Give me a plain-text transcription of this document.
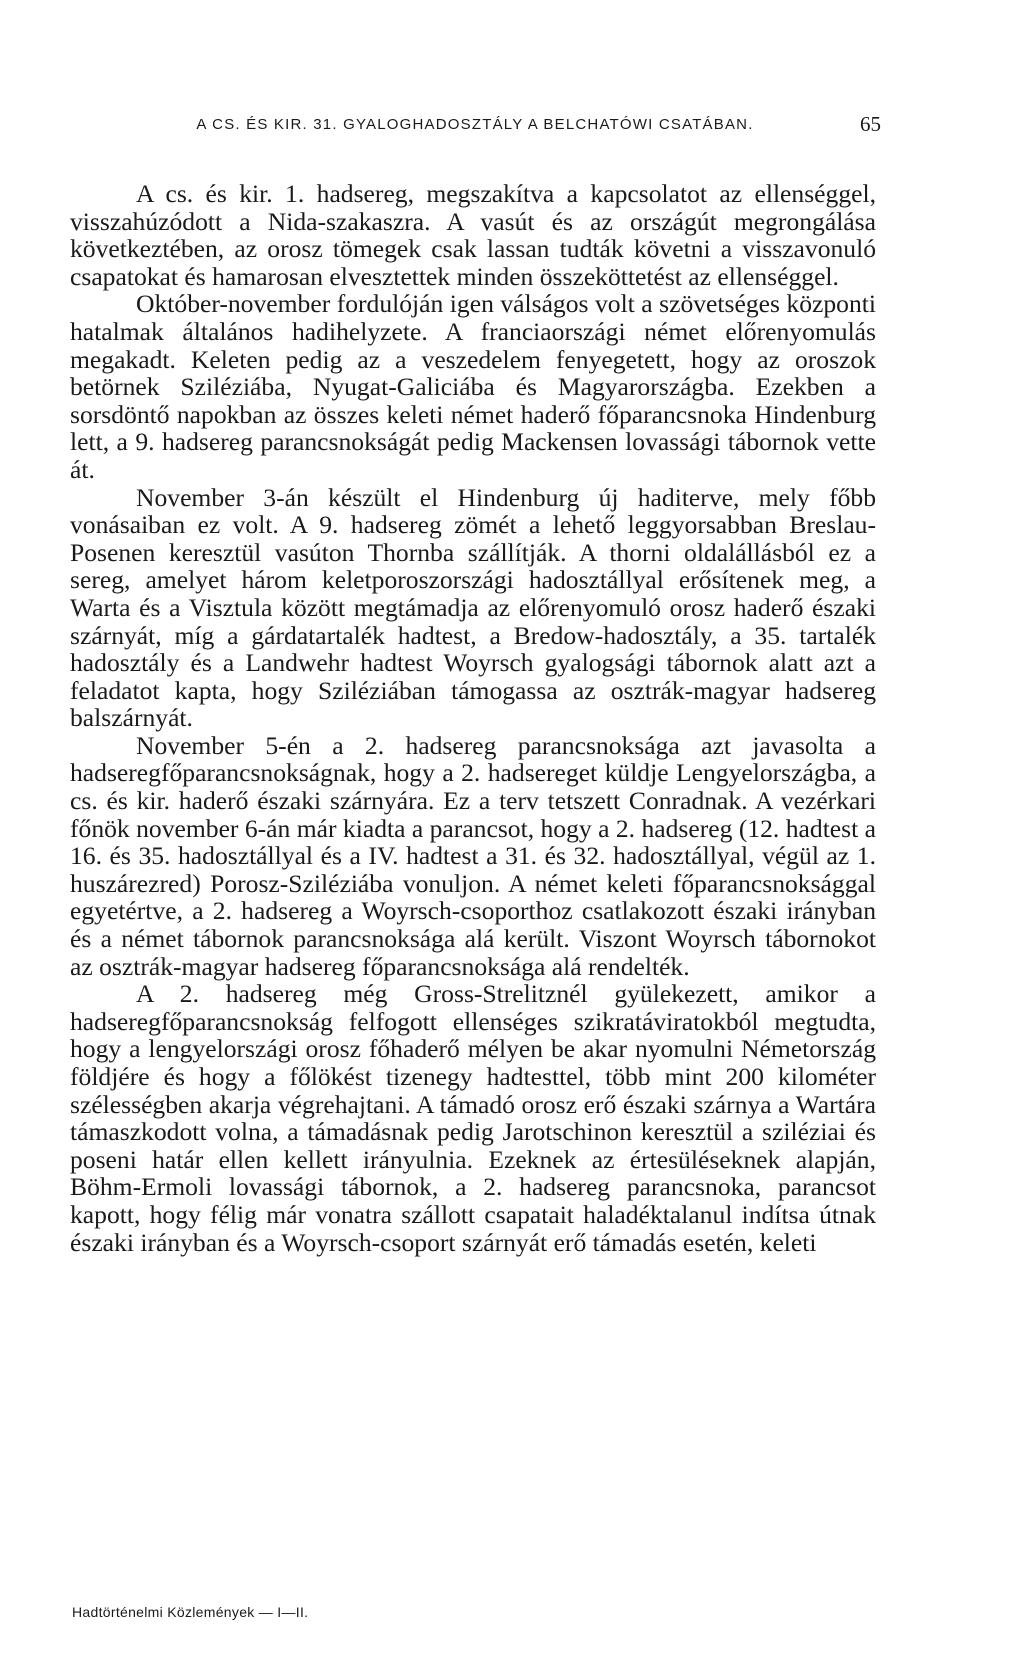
A CS. ÉS KIR. 31. GYALOGHADOSZTÁLY A BELCHATÓWI CSATÁBAN.	65

A cs. és kir. 1. hadsereg, megszakítva a kapcsolatot az ellenséggel, visszahúzódott a Nida-szakaszra. A vasút és az országút megrongálása következtében, az orosz tömegek csak lassan tudták követni a visszavonuló csapatokat és hamarosan elvesztettek minden összeköttetést az ellenséggel.

Október-november fordulóján igen válságos volt a szövetséges központi hatalmak általános hadihelyzete. A franciaországi német előrenyomulás megakadt. Keleten pedig az a veszedelem fenyegetett, hogy az oroszok betörnek Sziléziába, Nyugat-Galiciába és Magyarországba. Ezekben a sorsdöntő napokban az összes keleti német haderő főparancsnoka Hindenburg lett, a 9. hadsereg parancsnokságát pedig Mackensen lovassági tábornok vette át.

November 3-án készült el Hindenburg új haditerve, mely főbb vonásaiban ez volt. A 9. hadsereg zömét a lehető leggyorsabban Breslau-Posenen keresztül vasúton Thornba szállítják. A thorni oldalállásból ez a sereg, amelyet három keletporoszországi hadosztállyal erősítenek meg, a Warta és a Visztula között megtámadja az előrenyomuló orosz haderő északi szárnyát, míg a gárdatartalék hadtest, a Bredow-hadosztály, a 35. tartalék hadosztály és a Landwehr hadtest Woyrsch gyalogsági tábornok alatt azt a feladatot kapta, hogy Sziléziában támogassa az osztrák-magyar hadsereg balszárnyát.

November 5-én a 2. hadsereg parancsnoksága azt javasolta a hadseregfőparancsnokságnak, hogy a 2. hadsereget küldje Lengyelországba, a cs. és kir. haderő északi szárnyára. Ez a terv tetszett Conradnak. A vezérkari főnök november 6-án már kiadta a parancsot, hogy a 2. hadsereg (12. hadtest a 16. és 35. hadosztállyal és a IV. hadtest a 31. és 32. hadosztállyal, végül az 1. huszárezred) Porosz-Sziléziába vonuljon. A német keleti főparancsnoksággal egyetértve, a 2. hadsereg a Woyrsch-csoporthoz csatlakozott északi irányban és a német tábornok parancsnoksága alá került. Viszont Woyrsch tábornokot az osztrák-magyar hadsereg főparancsnoksága alá rendelték.

A 2. hadsereg még Gross-Strelitznél gyülekezett, amikor a hadseregfőparancsnokság felfogott ellenséges szikratáviratokból megtudta, hogy a lengyelországi orosz főhaderő mélyen be akar nyomulni Németország földjére és hogy a főlökést tizenegy hadtesttel, több mint 200 kilométer szélességben akarja végrehajtani. A támadó orosz erő északi szárnya a Wartára támaszkodott volna, a támadásnak pedig Jarotschinon keresztül a sziléziai és poseni határ ellen kellett irányulnia. Ezeknek az értesüléseknek alapján, Böhm-Ermoli lovassági tábornok, a 2. hadsereg parancsnoka, parancsot kapott, hogy félig már vonatra szállott csapatait haladéktalanul indítsa útnak északi irányban és a Woyrsch-csoport szárnyát erő támadás esetén, keleti

Hadtörténelmi Közlemények — I—II.
